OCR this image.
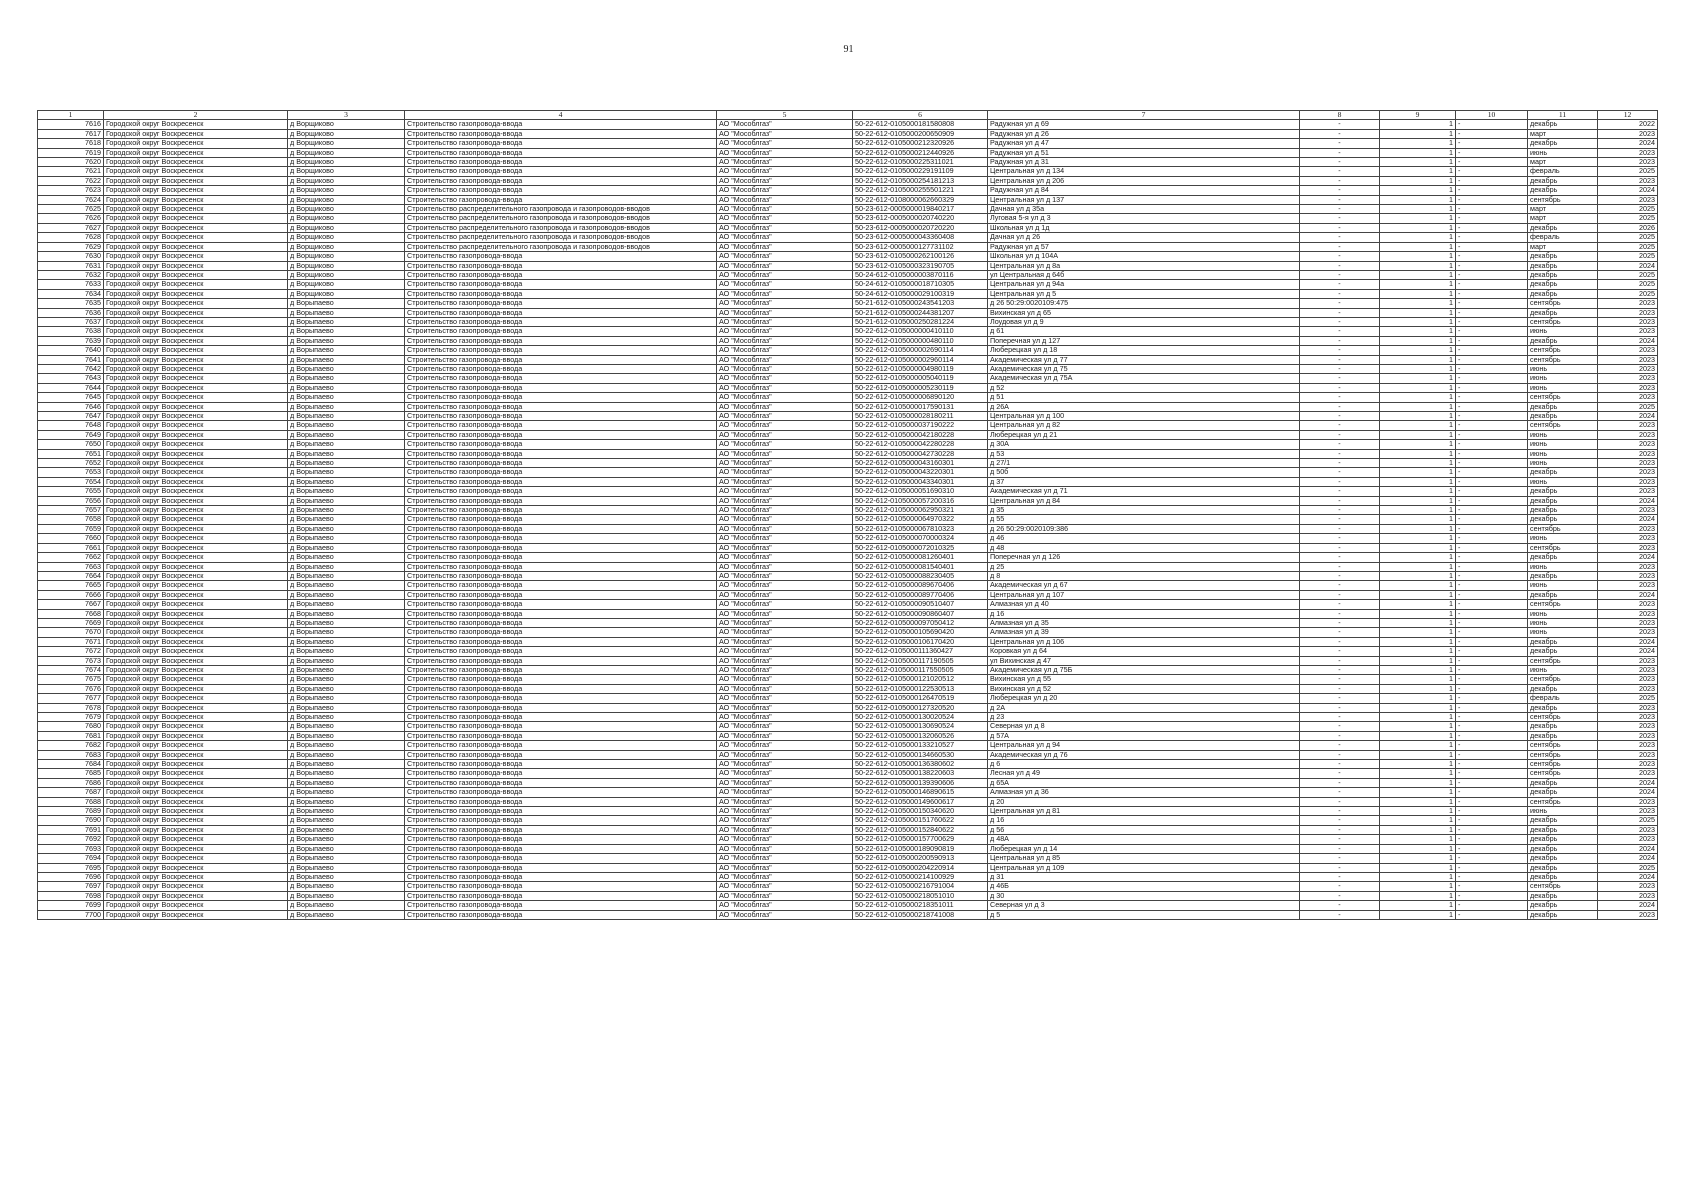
91
1	2	3	4	5	6	7	8	9	10	11	12
7616	Городской округ Воскресенск	д Ворщиково	Строительство газопровода-ввода	АО "Мособлгаз"	50-22-612-0105000181580808	Радужная ул д 69	-	1	-	декабрь	2022
7617	Городской округ Воскресенск	д Ворщиково	Строительство газопровода-ввода	АО "Мособлгаз"	50-22-612-0105000200650909	Радужная ул д 26	-	1	-	март	2023
7618	Городской округ Воскресенск	д Ворщиково	Строительство газопровода-ввода	АО "Мособлгаз"	50-22-612-0105000212320926	Радужная ул д 47	-	1	-	декабрь	2024
7619	Городской округ Воскресенск	д Ворщиково	Строительство газопровода-ввода	АО "Мособлгаз"	50-22-612-0105000212440926	Радужная ул д 51	-	1	-	июнь	2023
7620	Городской округ Воскресенск	д Ворщиково	Строительство газопровода-ввода	АО "Мособлгаз"	50-22-612-0105000225311021	Радужная ул д 31	-	1	-	март	2023
7621	Городской округ Воскресенск	д Ворщиково	Строительство газопровода-ввода	АО "Мособлгаз"	50-22-612-0105000229191109	Центральная ул д 134	-	1	-	февраль	2025
7622	Городской округ Воскресенск	д Ворщиково	Строительство газопровода-ввода	АО "Мособлгаз"	50-22-612-0105000254181213	Центральная ул д 206	-	1	-	декабрь	2023
7623	Городской округ Воскресенск	д Ворщиково	Строительство газопровода-ввода	АО "Мособлгаз"	50-22-612-0105000255501221	Радужная ул д 84	-	1	-	декабрь	2024
7624	Городской округ Воскресенск	д Ворщиково	Строительство газопровода-ввода	АО "Мособлгаз"	50-22-612-0108000062660329	Центральная ул д 137	-	1	-	сентябрь	2023
7625	Городской округ Воскресенск	д Ворщиково	Строительство распределительного газопровода и газопроводов-вводов	АО "Мособлгаз"	50-23-612-0005000019840217	Дачная ул д 35а	-	1	-	март	2025
7626	Городской округ Воскресенск	д Ворщиково	Строительство распределительного газопровода и газопроводов-вводов	АО "Мособлгаз"	50-23-612-0005000020740220	Луговая 5-я ул д 3	-	1	-	март	2025
7627	Городской округ Воскресенск	д Ворщиково	Строительство распределительного газопровода и газопроводов-вводов	АО "Мособлгаз"	50-23-612-0005000020720220	Школьная ул д 1д	-	1	-	декабрь	2026
7628	Городской округ Воскресенск	д Ворщиково	Строительство распределительного газопровода и газопроводов-вводов	АО "Мособлгаз"	50-23-612-0005000043360408	Дачная ул д 26	-	1	-	февраль	2025
7629	Городской округ Воскресенск	д Ворщиково	Строительство распределительного газопровода и газопроводов-вводов	АО "Мособлгаз"	50-23-612-0005000127731102	Радужная ул д 57	-	1	-	март	2025
7630	Городской округ Воскресенск	д Ворщиково	Строительство газопровода-ввода	АО "Мособлгаз"	50-23-612-0105000262100126	Школьная ул д 104А	-	1	-	декабрь	2025
7631	Городской округ Воскресенск	д Ворщиково	Строительство газопровода-ввода	АО "Мособлгаз"	50-23-612-0105000323190705	Центральная ул д 8а	-	1	-	декабрь	2024
7632	Городской округ Воскресенск	д Ворщиково	Строительство газопровода-ввода	АО "Мособлгаз"	50-24-612-0105000003870116	ул Центральная д 64б	-	1	-	декабрь	2025
7633	Городской округ Воскресенск	д Ворщиково	Строительство газопровода-ввода	АО "Мособлгаз"	50-24-612-0105000018710305	Центральная ул д 94а	-	1	-	декабрь	2025
7634	Городской округ Воскресенск	д Ворщиково	Строительство газопровода-ввода	АО "Мособлгаз"	50-24-612-0105000029100319	Центральная ул д 5	-	1	-	декабрь	2025
7635	Городской округ Воскресенск	д Ворыпаево	Строительство газопровода-ввода	АО "Мособлгаз"	50-21-612-0105000243541203	д 26 50:29:0020109:475	-	1	-	сентябрь	2023
7636	Городской округ Воскресенск	д Ворыпаево	Строительство газопровода-ввода	АО "Мособлгаз"	50-21-612-0105000244381207	Вихинская ул д 65	-	1	-	декабрь	2023
7637	Городской округ Воскресенск	д Ворыпаево	Строительство газопровода-ввода	АО "Мособлгаз"	50-21-612-0105000250281224	Лоудовая ул д 9	-	1	-	сентябрь	2023
7638	Городской округ Воскресенск	д Ворыпаево	Строительство газопровода-ввода	АО "Мособлгаз"	50-22-612-0105000000410110	д 61	-	1	-	июнь	2023
7639	Городской округ Воскресенск	д Ворыпаево	Строительство газопровода-ввода	АО "Мособлгаз"	50-22-612-0105000000480110	Поперечная ул д 127	-	1	-	декабрь	2024
7640	Городской округ Воскресенск	д Ворыпаево	Строительство газопровода-ввода	АО "Мособлгаз"	50-22-612-0105000002690114	Люберецкая ул д 18	-	1	-	сентябрь	2023
7641	Городской округ Воскресенск	д Ворыпаево	Строительство газопровода-ввода	АО "Мособлгаз"	50-22-612-0105000002960114	Академическая ул д 77	-	1	-	сентябрь	2023
7642	Городской округ Воскресенск	д Ворыпаево	Строительство газопровода-ввода	АО "Мособлгаз"	50-22-612-0105000004980119	Академическая ул д 75	-	1	-	июнь	2023
7643	Городской округ Воскресенск	д Ворыпаево	Строительство газопровода-ввода	АО "Мособлгаз"	50-22-612-0105000005040119	Академическая ул д 75А	-	1	-	июнь	2023
7644	Городской округ Воскресенск	д Ворыпаево	Строительство газопровода-ввода	АО "Мособлгаз"	50-22-612-0105000005230119	д 52	-	1	-	июнь	2023
7645	Городской округ Воскресенск	д Ворыпаево	Строительство газопровода-ввода	АО "Мособлгаз"	50-22-612-0105000006890120	д 51	-	1	-	сентябрь	2023
7646	Городской округ Воскресенск	д Ворыпаево	Строительство газопровода-ввода	АО "Мособлгаз"	50-22-612-0105000017590131	д 26А	-	1	-	декабрь	2025
7647	Городской округ Воскресенск	д Ворыпаево	Строительство газопровода-ввода	АО "Мособлгаз"	50-22-612-0105000028180211	Центральная ул д 100	-	1	-	декабрь	2024
7648	Городской округ Воскресенск	д Ворыпаево	Строительство газопровода-ввода	АО "Мособлгаз"	50-22-612-0105000037190222	Центральная ул д 82	-	1	-	сентябрь	2023
7649	Городской округ Воскресенск	д Ворыпаево	Строительство газопровода-ввода	АО "Мособлгаз"	50-22-612-0105000042180228	Люберецкая ул д 21	-	1	-	июнь	2023
7650	Городской округ Воскресенск	д Ворыпаево	Строительство газопровода-ввода	АО "Мособлгаз"	50-22-612-0105000042280228	д 30А	-	1	-	июнь	2023
7651	Городской округ Воскресенск	д Ворыпаево	Строительство газопровода-ввода	АО "Мособлгаз"	50-22-612-0105000042730228	д 53	-	1	-	июнь	2023
7652	Городской округ Воскресенск	д Ворыпаево	Строительство газопровода-ввода	АО "Мособлгаз"	50-22-612-0105000043160301	д 27/1	-	1	-	июнь	2023
7653	Городской округ Воскресенск	д Ворыпаево	Строительство газопровода-ввода	АО "Мособлгаз"	50-22-612-0105000043220301	д 50б	-	1	-	декабрь	2023
7654	Городской округ Воскресенск	д Ворыпаево	Строительство газопровода-ввода	АО "Мособлгаз"	50-22-612-0105000043340301	д 37	-	1	-	июнь	2023
7655	Городской округ Воскресенск	д Ворыпаево	Строительство газопровода-ввода	АО "Мособлгаз"	50-22-612-0105000051690310	Академическая ул д 71	-	1	-	декабрь	2023
7656	Городской округ Воскресенск	д Ворыпаево	Строительство газопровода-ввода	АО "Мособлгаз"	50-22-612-0105000057200316	Центральная ул д 84	-	1	-	декабрь	2024
7657	Городской округ Воскресенск	д Ворыпаево	Строительство газопровода-ввода	АО "Мособлгаз"	50-22-612-0105000062950321	д 35	-	1	-	декабрь	2023
7658	Городской округ Воскресенск	д Ворыпаево	Строительство газопровода-ввода	АО "Мособлгаз"	50-22-612-0105000064970322	д 55	-	1	-	декабрь	2024
7659	Городской округ Воскресенск	д Ворыпаево	Строительство газопровода-ввода	АО "Мособлгаз"	50-22-612-0105000067810323	д 26 50:29:0020109:386	-	1	-	сентябрь	2023
7660	Городской округ Воскресенск	д Ворыпаево	Строительство газопровода-ввода	АО "Мособлгаз"	50-22-612-0105000070000324	д 46	-	1	-	июнь	2023
7661	Городской округ Воскресенск	д Ворыпаево	Строительство газопровода-ввода	АО "Мособлгаз"	50-22-612-0105000072010325	д 48	-	1	-	сентябрь	2023
7662	Городской округ Воскресенск	д Ворыпаево	Строительство газопровода-ввода	АО "Мособлгаз"	50-22-612-0105000081260401	Поперечная ул д 126	-	1	-	декабрь	2024
7663	Городской округ Воскресенск	д Ворыпаево	Строительство газопровода-ввода	АО "Мособлгаз"	50-22-612-0105000081540401	д 25	-	1	-	июнь	2023
7664	Городской округ Воскресенск	д Ворыпаево	Строительство газопровода-ввода	АО "Мособлгаз"	50-22-612-0105000088230405	д 8	-	1	-	декабрь	2023
7665	Городской округ Воскресенск	д Ворыпаево	Строительство газопровода-ввода	АО "Мособлгаз"	50-22-612-0105000089670406	Академическая ул д 67	-	1	-	июнь	2023
7666	Городской округ Воскресенск	д Ворыпаево	Строительство газопровода-ввода	АО "Мособлгаз"	50-22-612-0105000089770406	Центральная ул д 107	-	1	-	декабрь	2024
7667	Городской округ Воскресенск	д Ворыпаево	Строительство газопровода-ввода	АО "Мособлгаз"	50-22-612-0105000090510407	Алмазная ул д 40	-	1	-	сентябрь	2023
7668	Городской округ Воскресенск	д Ворыпаево	Строительство газопровода-ввода	АО "Мособлгаз"	50-22-612-0105000090860407	д 16	-	1	-	июнь	2023
7669	Городской округ Воскресенск	д Ворыпаево	Строительство газопровода-ввода	АО "Мособлгаз"	50-22-612-0105000097050412	Алмазная ул д 35	-	1	-	июнь	2023
7670	Городской округ Воскресенск	д Ворыпаево	Строительство газопровода-ввода	АО "Мособлгаз"	50-22-612-0105000105690420	Алмазная ул д 39	-	1	-	июнь	2023
7671	Городской округ Воскресенск	д Ворыпаево	Строительство газопровода-ввода	АО "Мособлгаз"	50-22-612-0105000106170420	Центральная ул д 106	-	1	-	декабрь	2024
7672	Городской округ Воскресенск	д Ворыпаево	Строительство газопровода-ввода	АО "Мособлгаз"	50-22-612-0105000111360427	Коровкая ул д 64	-	1	-	декабрь	2024
7673	Городской округ Воскресенск	д Ворыпаево	Строительство газопровода-ввода	АО "Мособлгаз"	50-22-612-0105000117190505	ул Вихинская д 47	-	1	-	сентябрь	2023
7674	Городской округ Воскресенск	д Ворыпаево	Строительство газопровода-ввода	АО "Мособлгаз"	50-22-612-0105000117550505	Академическая ул д 75Б	-	1	-	июнь	2023
7675	Городской округ Воскресенск	д Ворыпаево	Строительство газопровода-ввода	АО "Мособлгаз"	50-22-612-0105000121020512	Вихинская ул д 55	-	1	-	сентябрь	2023
7676	Городской округ Воскресенск	д Ворыпаево	Строительство газопровода-ввода	АО "Мособлгаз"	50-22-612-0105000122530513	Вихинская ул д 52	-	1	-	декабрь	2023
7677	Городской округ Воскресенск	д Ворыпаево	Строительство газопровода-ввода	АО "Мособлгаз"	50-22-612-0105000126470519	Люберецкая ул д 20	-	1	-	февраль	2025
7678	Городской округ Воскресенск	д Ворыпаево	Строительство газопровода-ввода	АО "Мособлгаз"	50-22-612-0105000127320520	д 2А	-	1	-	декабрь	2023
7679	Городской округ Воскресенск	д Ворыпаево	Строительство газопровода-ввода	АО "Мособлгаз"	50-22-612-0105000130020524	д 23	-	1	-	сентябрь	2023
7680	Городской округ Воскресенск	д Ворыпаево	Строительство газопровода-ввода	АО "Мособлгаз"	50-22-612-0105000130690524	Северная ул д 8	-	1	-	декабрь	2023
7681	Городской округ Воскресенск	д Ворыпаево	Строительство газопровода-ввода	АО "Мособлгаз"	50-22-612-0105000132060526	д 57А	-	1	-	декабрь	2023
7682	Городской округ Воскресенск	д Ворыпаево	Строительство газопровода-ввода	АО "Мособлгаз"	50-22-612-0105000133210527	Центральная ул д 94	-	1	-	сентябрь	2023
7683	Городской округ Воскресенск	д Ворыпаево	Строительство газопровода-ввода	АО "Мособлгаз"	50-22-612-0105000134660530	Академическая ул д 76	-	1	-	сентябрь	2023
7684	Городской округ Воскресенск	д Ворыпаево	Строительство газопровода-ввода	АО "Мособлгаз"	50-22-612-0105000136380602	д 6	-	1	-	сентябрь	2023
7685	Городской округ Воскресенск	д Ворыпаево	Строительство газопровода-ввода	АО "Мособлгаз"	50-22-612-0105000138220603	Лесная ул д 49	-	1	-	сентябрь	2023
7686	Городской округ Воскресенск	д Ворыпаево	Строительство газопровода-ввода	АО "Мособлгаз"	50-22-612-0105000139390606	д 65А	-	1	-	декабрь	2024
7687	Городской округ Воскресенск	д Ворыпаево	Строительство газопровода-ввода	АО "Мособлгаз"	50-22-612-0105000146890615	Алмазная ул д 36	-	1	-	декабрь	2024
7688	Городской округ Воскресенск	д Ворыпаево	Строительство газопровода-ввода	АО "Мособлгаз"	50-22-612-0105000149600617	д 20	-	1	-	сентябрь	2023
7689	Городской округ Воскресенск	д Ворыпаево	Строительство газопровода-ввода	АО "Мособлгаз"	50-22-612-0105000150340620	Центральная ул д 81	-	1	-	июнь	2023
7690	Городской округ Воскресенск	д Ворыпаево	Строительство газопровода-ввода	АО "Мособлгаз"	50-22-612-0105000151760622	д 16	-	1	-	декабрь	2025
7691	Городской округ Воскресенск	д Ворыпаево	Строительство газопровода-ввода	АО "Мособлгаз"	50-22-612-0105000152840622	д 56	-	1	-	декабрь	2023
7692	Городской округ Воскресенск	д Ворыпаево	Строительство газопровода-ввода	АО "Мособлгаз"	50-22-612-0105000157700629	д 48А	-	1	-	декабрь	2023
7693	Городской округ Воскресенск	д Ворыпаево	Строительство газопровода-ввода	АО "Мособлгаз"	50-22-612-0105000189090819	Люберецкая ул д 14	-	1	-	декабрь	2024
7694	Городской округ Воскресенск	д Ворыпаево	Строительство газопровода-ввода	АО "Мособлгаз"	50-22-612-0105000200590913	Центральная ул д 85	-	1	-	декабрь	2024
7695	Городской округ Воскресенск	д Ворыпаево	Строительство газопровода-ввода	АО "Мособлгаз"	50-22-612-0105000204220914	Центральная ул д 109	-	1	-	декабрь	2025
7696	Городской округ Воскресенск	д Ворыпаево	Строительство газопровода-ввода	АО "Мособлгаз"	50-22-612-0105000214100929	д 31	-	1	-	декабрь	2024
7697	Городской округ Воскресенск	д Ворыпаево	Строительство газопровода-ввода	АО "Мособлгаз"	50-22-612-0105000216791004	д 46Б	-	1	-	сентябрь	2023
7698	Городской округ Воскресенск	д Ворыпаево	Строительство газопровода-ввода	АО "Мособлгаз"	50-22-612-0105000218051010	д 30	-	1	-	декабрь	2023
7699	Городской округ Воскресенск	д Ворыпаево	Строительство газопровода-ввода	АО "Мособлгаз"	50-22-612-0105000218351011	Северная ул д 3	-	1	-	декабрь	2024
7700	Городской округ Воскресенск	д Ворыпаево	Строительство газопровода-ввода	АО "Мособлгаз"	50-22-612-0105000218741008	д 5	-	1	-	декабрь	2023
